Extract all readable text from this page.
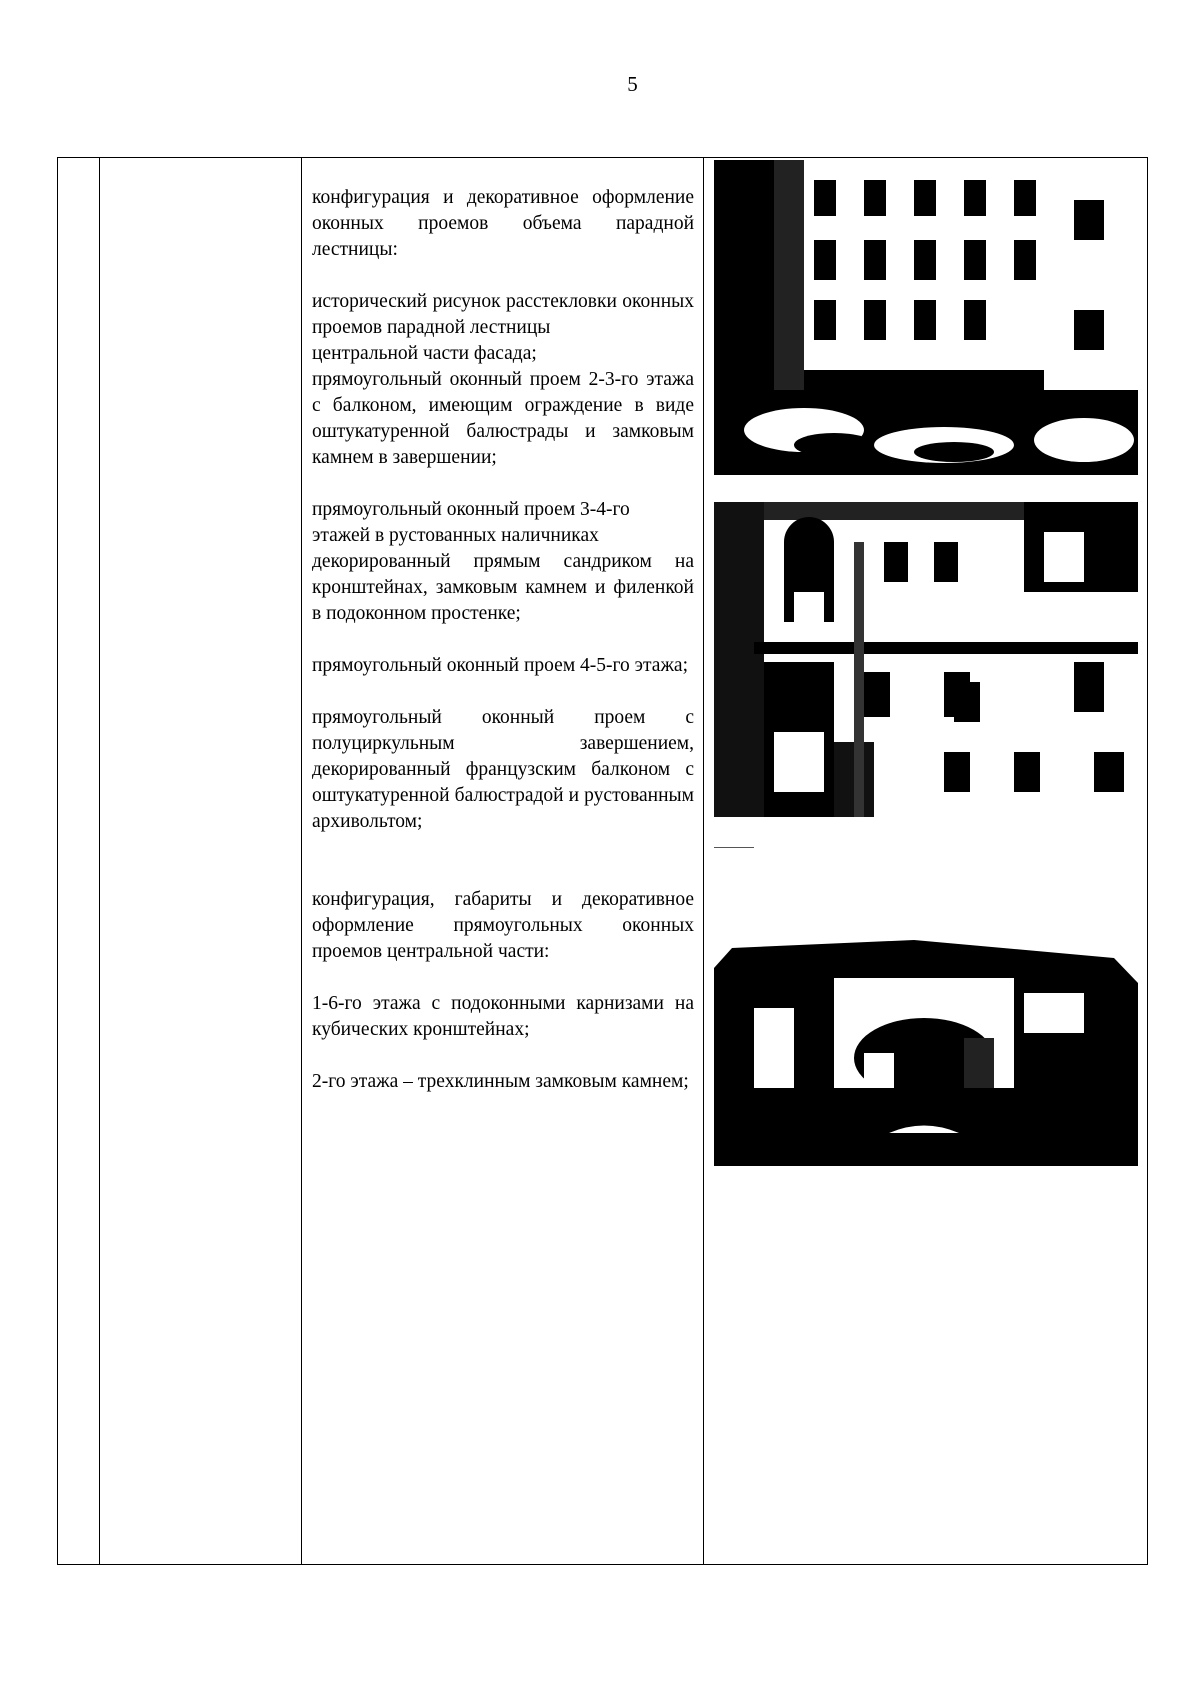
5

конфигурация и декоративное оформление оконных проемов объема парадной лестницы:

исторический рисунок расстекловки оконных проемов парадной лестницы
центральной части фасада;

прямоугольный оконный проем 2-3-го этажа с балконом, имеющим ограждение в виде оштукатуренной балюстрады и замковым камнем в завершении;

прямоугольный оконный проем 3-4-го
этажей в рустованных наличниках
декорированный прямым сандриком на кронштейнах, замковым камнем и филенкой в подоконном простенке;

прямоугольный оконный проем 4-5-го этажа;

прямоугольный оконный проем с полуциркульным завершением, декорированный французским балконом с оштукатуренной балюстрадой и рустованным архивольтом;

конфигурация, габариты и декоративное оформление прямоугольных оконных проемов центральной части:

1-6-го этажа с подоконными карнизами на кубических кронштейнах;

2-го этажа – трехклинным замковым камнем;
